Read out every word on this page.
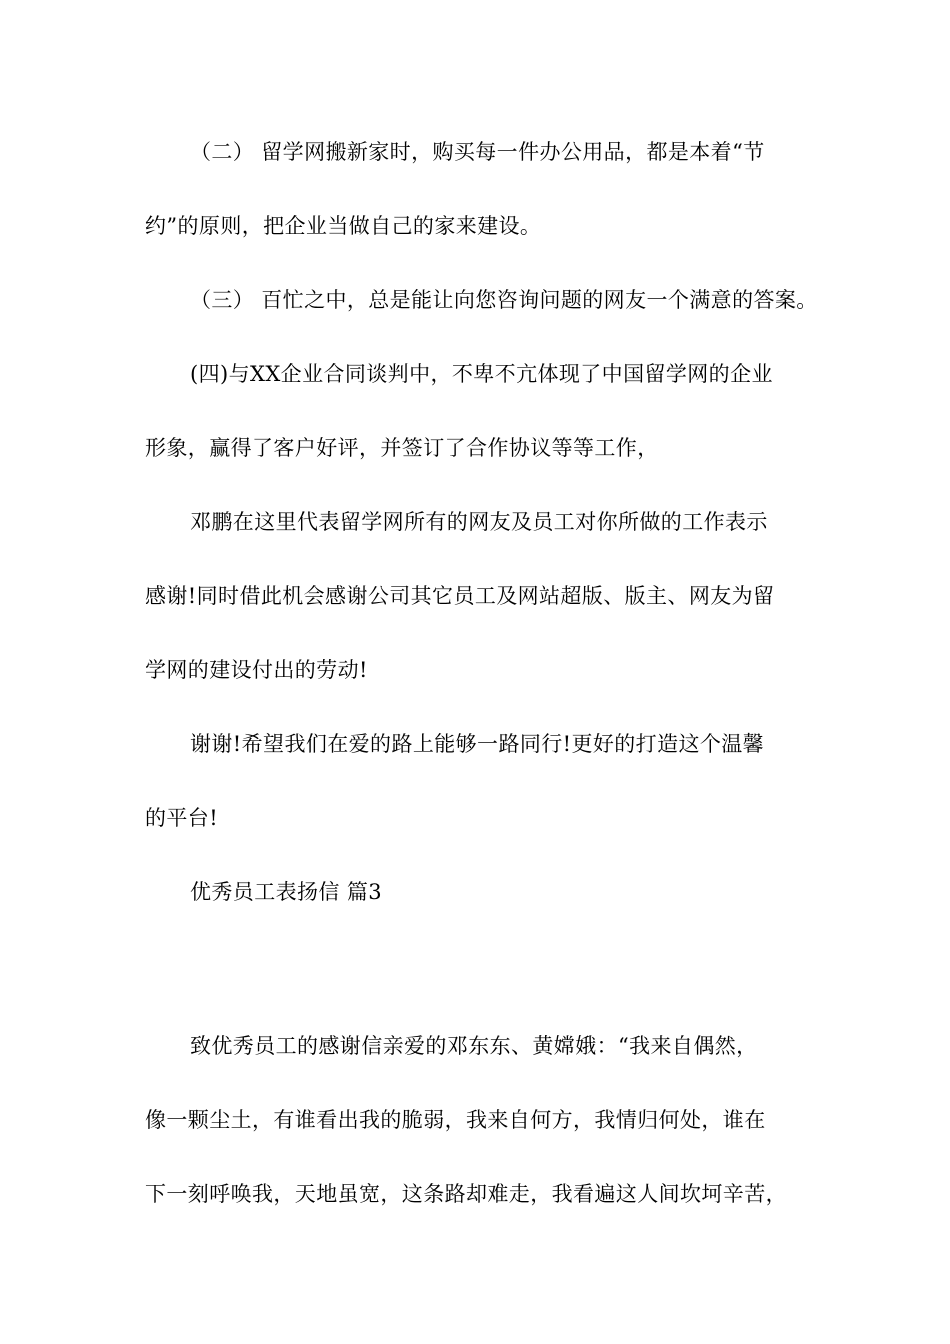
（二） 留学网搬新家时，购买每一件办公用品，都是本着“节
约”的原则，把企业当做自己的家来建设。
（三） 百忙之中，总是能让向您咨询问题的网友一个满意的答案。
(四)与XX企业合同谈判中，不卑不亢体现了中国留学网的企业
形象，赢得了客户好评，并签订了合作协议等等工作，
邓鹏在这里代表留学网所有的网友及员工对你所做的工作表示
感谢!同时借此机会感谢公司其它员工及网站超版、版主、网友为留
学网的建设付出的劳动!
谢谢!希望我们在爱的路上能够一路同行!更好的打造这个温馨
的平台!
优秀员工表扬信 篇3
致优秀员工的感谢信亲爱的邓东东、黄嫦娥：“我来自偶然，
像一颗尘土，有谁看出我的脆弱，我来自何方，我情归何处，谁在
下一刻呼唤我，天地虽宽，这条路却难走，我看遍这人间坎坷辛苦，
